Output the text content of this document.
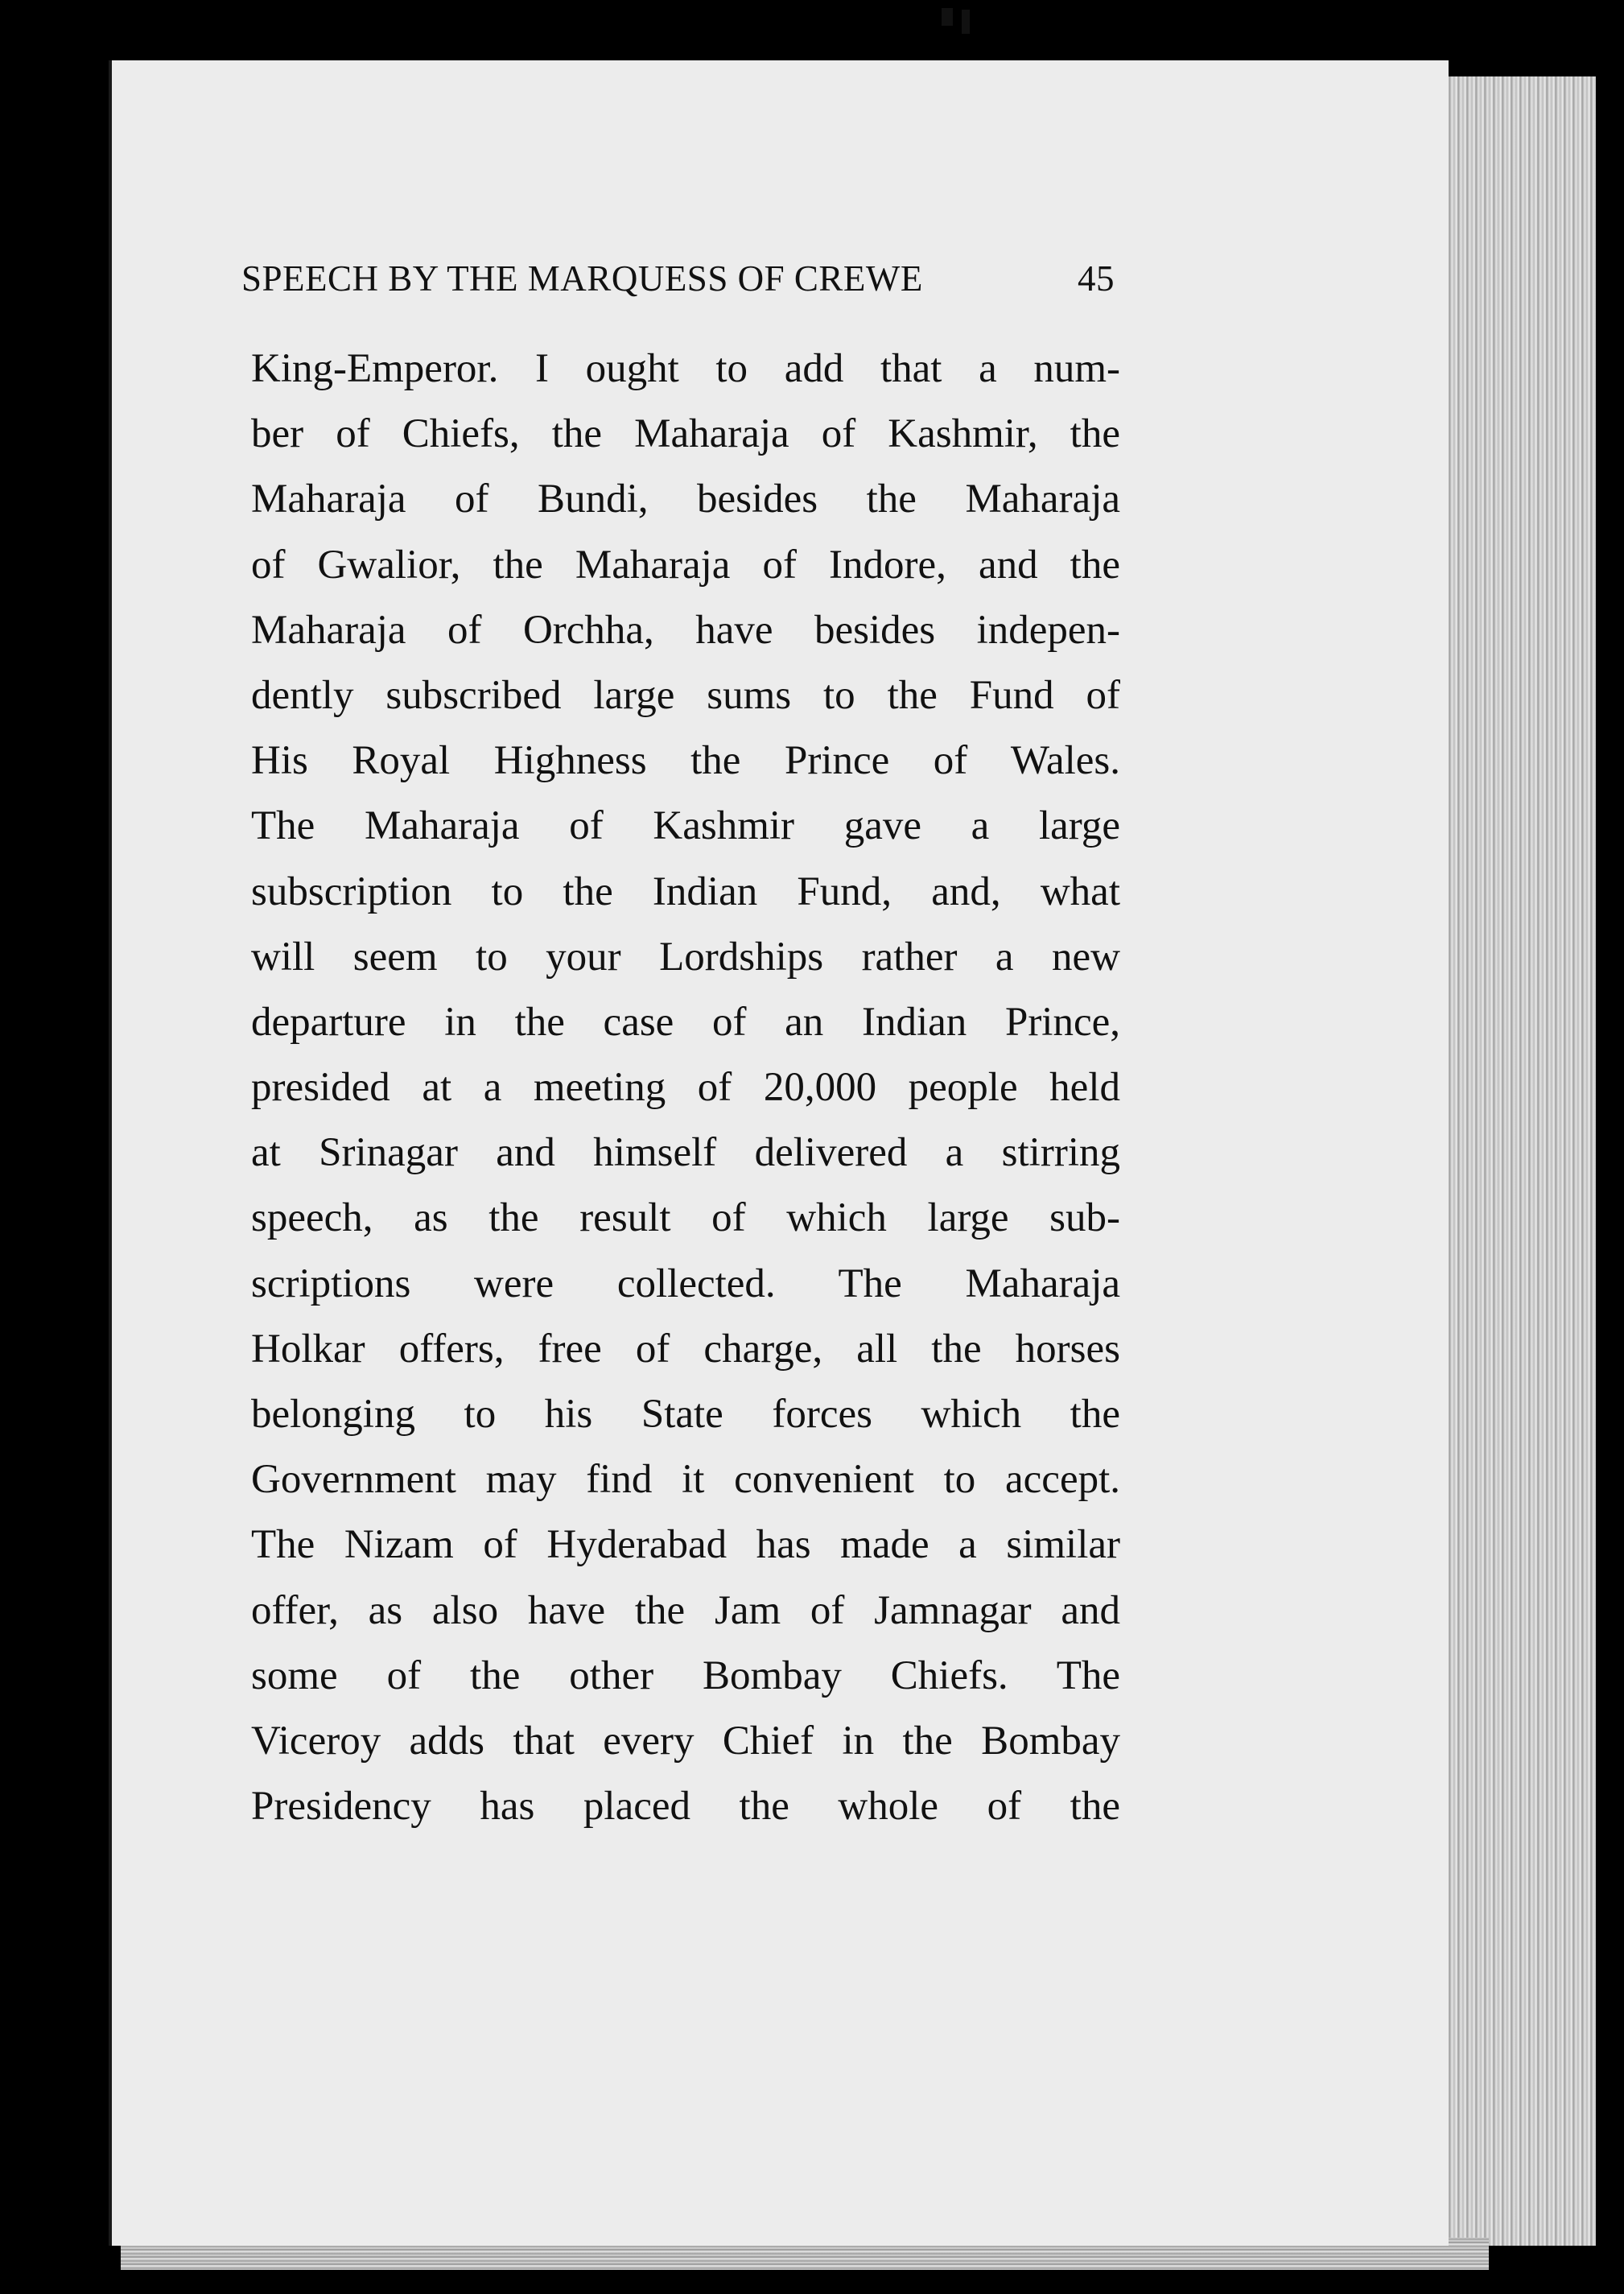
SPEECH BY THE MARQUESS OF CREWE	45
King-Emperor. I ought to add that a num-
ber of Chiefs, the Maharaja of Kashmir, the
Maharaja of Bundi, besides the Maharaja
of Gwalior, the Maharaja of Indore, and the
Maharaja of Orchha, have besides indepen-
dently subscribed large sums to the Fund of
His Royal Highness the Prince of Wales.
The Maharaja of Kashmir gave a large
subscription to the Indian Fund, and, what
will seem to your Lordships rather a new
departure in the case of an Indian Prince,
presided at a meeting of 20,000 people held
at Srinagar and himself delivered a stirring
speech, as the result of which large sub-
scriptions were collected. The Maharaja
Holkar offers, free of charge, all the horses
belonging to his State forces which the
Government may find it convenient to accept.
The Nizam of Hyderabad has made a similar
offer, as also have the Jam of Jamnagar and
some of the other Bombay Chiefs. The
Viceroy adds that every Chief in the Bombay
Presidency has placed the whole of the
